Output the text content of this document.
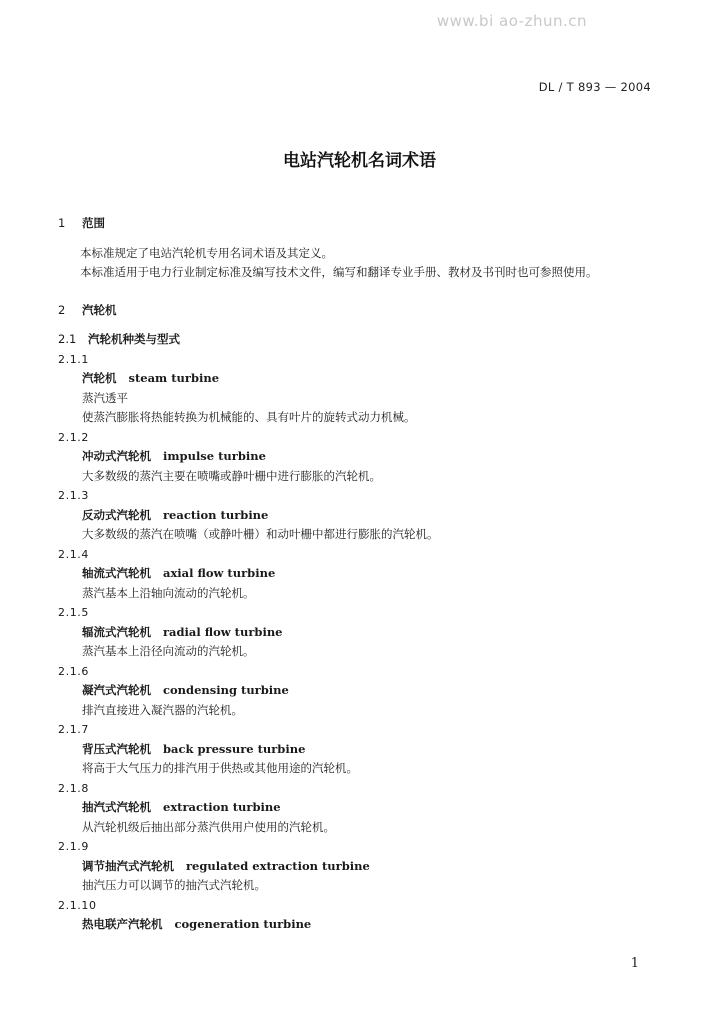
www.bi ao-zhun.cn
DL / T 893 — 2004
电站汽轮机名词术语
1 范围
本标准规定了电站汽轮机专用名词术语及其定义。
本标准适用于电力行业制定标准及编写技术文件，编写和翻译专业手册、教材及书刊时也可参照使用。
2 汽轮机
2.1 汽轮机种类与型式
2.1.1
汽轮机 steam turbine
蒸汽透平
使蒸汽膨胀将热能转换为机械能的、具有叶片的旋转式动力机械。
2.1.2
冲动式汽轮机 impulse turbine
大多数级的蒸汽主要在喷嘴或静叶栅中进行膨胀的汽轮机。
2.1.3
反动式汽轮机 reaction turbine
大多数级的蒸汽在喷嘴（或静叶栅）和动叶栅中都进行膨胀的汽轮机。
2.1.4
轴流式汽轮机 axial flow turbine
蒸汽基本上沿轴向流动的汽轮机。
2.1.5
辐流式汽轮机 radial flow turbine
蒸汽基本上沿径向流动的汽轮机。
2.1.6
凝汽式汽轮机 condensing turbine
排汽直接进入凝汽器的汽轮机。
2.1.7
背压式汽轮机 back pressure turbine
将高于大气压力的排汽用于供热或其他用途的汽轮机。
2.1.8
抽汽式汽轮机 extraction turbine
从汽轮机级后抽出部分蒸汽供用户使用的汽轮机。
2.1.9
调节抽汽式汽轮机 regulated extraction turbine
抽汽压力可以调节的抽汽式汽轮机。
2.1.10
热电联产汽轮机 cogeneration turbine
1
